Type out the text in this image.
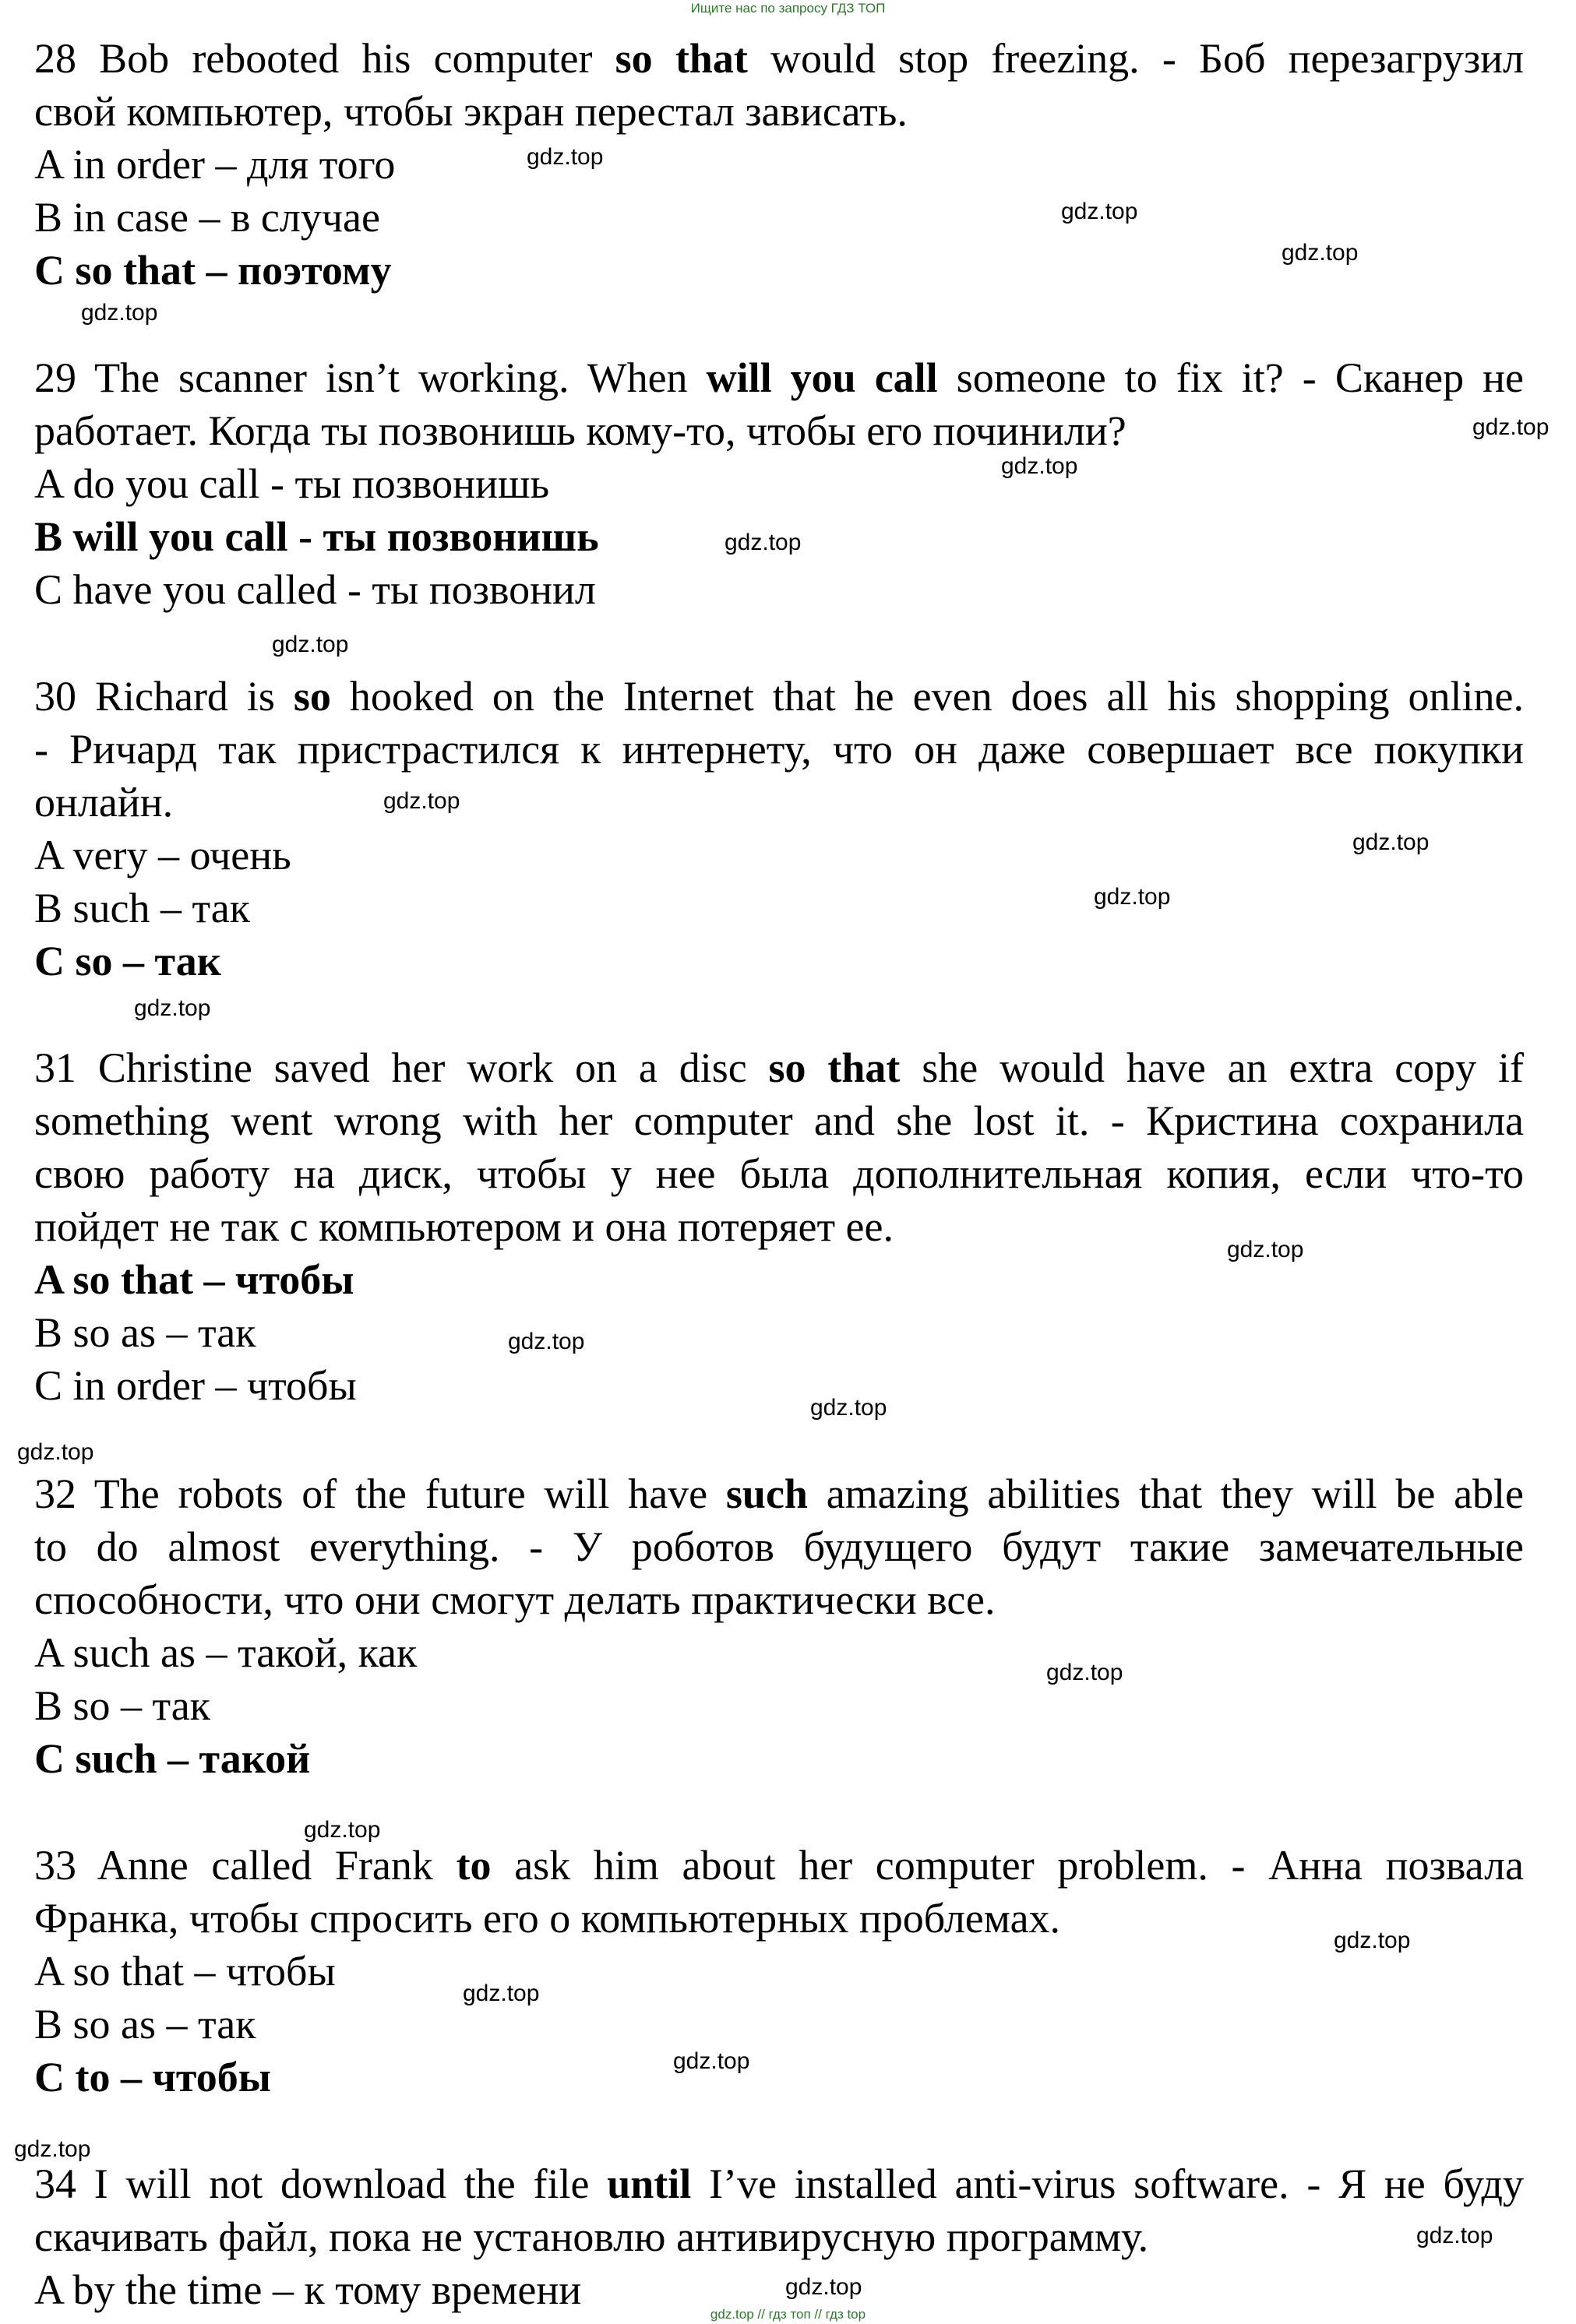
Ищите нас по запросу ГДЗ ТОП
28 Bob rebooted his computer so that would stop freezing. - Боб перезагрузил
свой компьютер, чтобы экран перестал зависать.
A in order – для того
B in case – в случае
C so that – поэтому
29 The scanner isn’t working. When will you call someone to fix it? - Сканер не
работает. Когда ты позвонишь кому-то, чтобы его починили?
A do you call - ты позвонишь
B will you call - ты позвонишь
C have you called - ты позвонил
30 Richard is so hooked on the Internet that he even does all his shopping online.
- Ричард так пристрастился к интернету, что он даже совершает все покупки
онлайн.
A very – очень
B such – так
C so – так
31 Christine saved her work on a disc so that she would have an extra copy if
something went wrong with her computer and she lost it. - Кристина сохранила
свою работу на диск, чтобы у нее была дополнительная копия, если что-то
пойдет не так с компьютером и она потеряет ее.
A so that – чтобы
B so as – так
C in order – чтобы
32 The robots of the future will have such amazing abilities that they will be able
to do almost everything. - У роботов будущего будут такие замечательные
способности, что они смогут делать практически все.
A such as – такой, как
B so – так
C such – такой
33 Anne called Frank to ask him about her computer problem. - Анна позвала
Франка, чтобы спросить его о компьютерных проблемах.
A so that – чтобы
B so as – так
C to – чтобы
34 I will not download the file until I’ve installed anti-virus software. - Я не буду
скачивать файл, пока не установлю антивирусную программу.
A by the time – к тому времени
gdz.top
gdz.top
gdz.top
gdz.top
gdz.top
gdz.top
gdz.top
gdz.top
gdz.top
gdz.top
gdz.top
gdz.top
gdz.top
gdz.top
gdz.top
gdz.top
gdz.top
gdz.top
gdz.top
gdz.top
gdz.top
gdz.top
gdz.top
gdz.top
gdz.top // гдз топ // гдз top
